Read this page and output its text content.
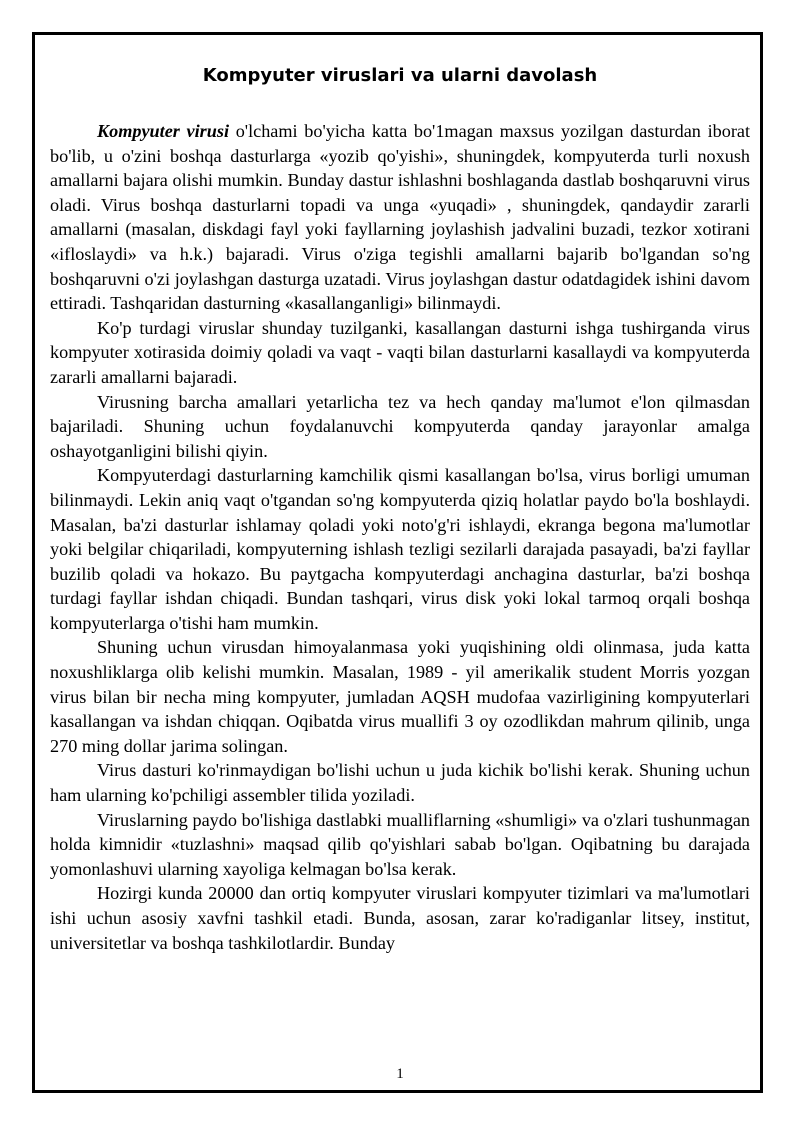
Kompyuter viruslari va ularni davolash

Kompyuter virusi o'lchami bo'yicha katta bo'1magan maxsus yozilgan dasturdan iborat bo'lib, u o'zini boshqa dasturlarga «yozib qo'yishi», shuningdek, kompyuterda turli noxush amallarni bajara olishi mumkin. Bunday dastur ishlashni boshlaganda dastlab boshqaruvni virus oladi. Virus boshqa dasturlarni topadi va unga «yuqadi» , shuningdek, qandaydir zararli amallarni (masalan, diskdagi fayl yoki fayllarning joylashish jadvalini buzadi, tezkor xotirani «ifloslaydi» va h.k.) bajaradi. Virus o'ziga tegishli amallarni bajarib bo'lgandan so'ng boshqaruvni o'zi joylashgan dasturga uzatadi. Virus joylashgan dastur odatdagidek ishini davom ettiradi. Tashqaridan dasturning «kasallanganligi» bilinmaydi.

Ko'p turdagi viruslar shunday tuzilganki, kasallangan dasturni ishga tushirganda virus kompyuter xotirasida doimiy qoladi va vaqt - vaqti bilan dasturlarni kasallaydi va kompyuterda zararli amallarni bajaradi.

Virusning barcha amallari yetarlicha tez va hech qanday ma'lumot e'lon qilmasdan bajariladi. Shuning uchun foydalanuvchi kompyuterda qanday jarayonlar amalga oshayotganligini bilishi qiyin.

Kompyuterdagi dasturlarning kamchilik qismi kasallangan bo'lsa, virus borligi umuman bilinmaydi. Lekin aniq vaqt o'tgandan so'ng kompyuterda qiziq holatlar paydo bo'la boshlaydi. Masalan, ba'zi dasturlar ishlamay qoladi yoki noto'g'ri ishlaydi, ekranga begona ma'lumotlar yoki belgilar chiqariladi, kompyuterning ishlash tezligi sezilarli darajada pasayadi, ba'zi fayllar buzilib qoladi va hokazo. Bu paytgacha kompyuterdagi anchagina dasturlar, ba'zi boshqa turdagi fayllar ishdan chiqadi. Bundan tashqari, virus disk yoki lokal tarmoq orqali boshqa kompyuterlarga o'tishi ham mumkin.

Shuning uchun virusdan himoyalanmasa yoki yuqishining oldi olinmasa, juda katta noxushliklarga olib kelishi mumkin. Masalan, 1989 - yil amerikalik student Morris yozgan virus bilan bir necha ming kompyuter, jumladan AQSH mudofaa vazirligining kompyuterlari kasallangan va ishdan chiqqan. Oqibatda virus muallifi 3 oy ozodlikdan mahrum qilinib, unga 270 ming dollar jarima solingan.

Virus dasturi ko'rinmaydigan bo'lishi uchun u juda kichik bo'lishi kerak. Shuning uchun ham ularning ko'pchiligi assembler tilida yoziladi.

Viruslarning paydo bo'lishiga dastlabki mualliflarning «shumligi» va o'zlari tushunmagan holda kimnidir «tuzlashni» maqsad qilib qo'yishlari sabab bo'lgan. Oqibatning bu darajada yomonlashuvi ularning xayoliga kelmagan bo'lsa kerak.

Hozirgi kunda 20000 dan ortiq kompyuter viruslari kompyuter tizimlari va ma'lumotlari ishi uchun asosiy xavfni tashkil etadi. Bunda, asosan, zarar ko'radiganlar litsey, institut, universitetlar va boshqa tashkilotlardir. Bunday

1
